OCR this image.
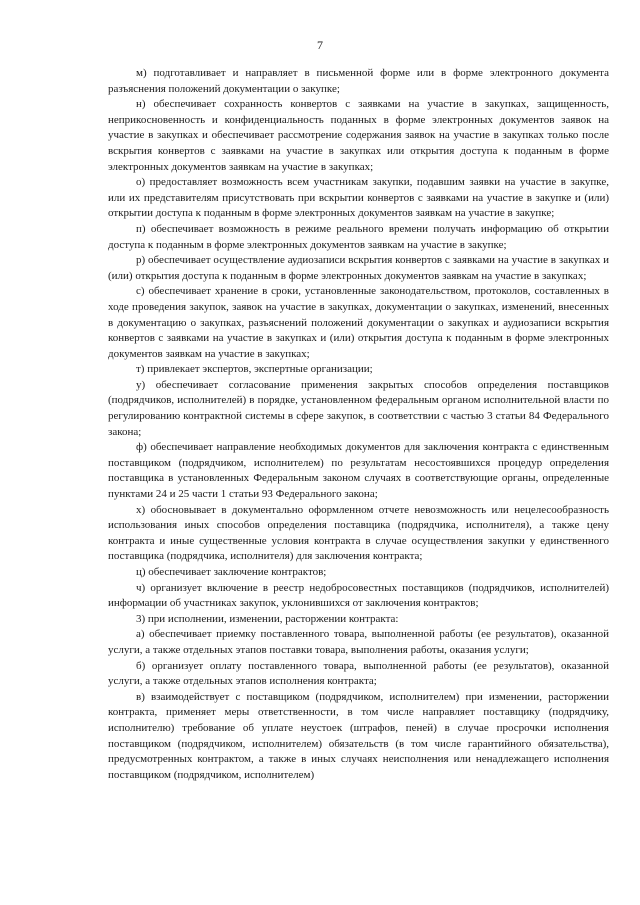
7

м) подготавливает и направляет в письменной форме или в форме электронного документа разъяснения положений документации о закупке;

н) обеспечивает сохранность конвертов с заявками на участие в закупках, защищенность, неприкосновенность и конфиденциальность поданных в форме электронных документов заявок на участие в закупках и обеспечивает рассмотрение содержания заявок на участие в закупках только после вскрытия конвертов с заявками на участие в закупках или открытия доступа к поданным в форме электронных документов заявкам на участие в закупках;

о) предоставляет возможность всем участникам закупки, подавшим заявки на участие в закупке, или их представителям присутствовать при вскрытии конвертов с заявками на участие в закупке и (или) открытии доступа к поданным в форме электронных документов заявкам на участие в закупке;

п) обеспечивает возможность в режиме реального времени получать информацию об открытии доступа к поданным в форме электронных документов заявкам на участие в закупке;

р) обеспечивает осуществление аудиозаписи вскрытия конвертов с заявками на участие в закупках и (или) открытия доступа к поданным в форме электронных документов заявкам на участие в закупках;

с) обеспечивает хранение в сроки, установленные законодательством, протоколов, составленных в ходе проведения закупок, заявок на участие в закупках, документации о закупках, изменений, внесенных в документацию о закупках, разъяснений положений документации о закупках и аудиозаписи вскрытия конвертов с заявками на участие в закупках и (или) открытия доступа к поданным в форме электронных документов заявкам на участие в закупках;

т) привлекает экспертов, экспертные организации;

у) обеспечивает согласование применения закрытых способов определения поставщиков (подрядчиков, исполнителей) в порядке, установленном федеральным органом исполнительной власти по регулированию контрактной системы в сфере закупок, в соответствии с частью 3 статьи 84 Федерального закона;

ф) обеспечивает направление необходимых документов для заключения контракта с единственным поставщиком (подрядчиком, исполнителем) по результатам несостоявшихся процедур определения поставщика в установленных Федеральным законом случаях в соответствующие органы, определенные пунктами 24 и 25 части 1 статьи 93 Федерального закона;

х) обосновывает в документально оформленном отчете невозможность или нецелесообразность использования иных способов определения поставщика (подрядчика, исполнителя), а также цену контракта и иные существенные условия контракта в случае осуществления закупки у единственного поставщика (подрядчика, исполнителя) для заключения контракта;

ц) обеспечивает заключение контрактов;

ч) организует включение в реестр недобросовестных поставщиков (подрядчиков, исполнителей) информации об участниках закупок, уклонившихся от заключения контрактов;

3) при исполнении, изменении, расторжении контракта:

а) обеспечивает приемку поставленного товара, выполненной работы (ее результатов), оказанной услуги, а также отдельных этапов поставки товара, выполнения работы, оказания услуги;

б) организует оплату поставленного товара, выполненной работы (ее результатов), оказанной услуги, а также отдельных этапов исполнения контракта;

в) взаимодействует с поставщиком (подрядчиком, исполнителем) при изменении, расторжении контракта, применяет меры ответственности, в том числе направляет поставщику (подрядчику, исполнителю) требование об уплате неустоек (штрафов, пеней) в случае просрочки исполнения поставщиком (подрядчиком, исполнителем) обязательств (в том числе гарантийного обязательства), предусмотренных контрактом, а также в иных случаях неисполнения или ненадлежащего исполнения поставщиком (подрядчиком, исполнителем)
